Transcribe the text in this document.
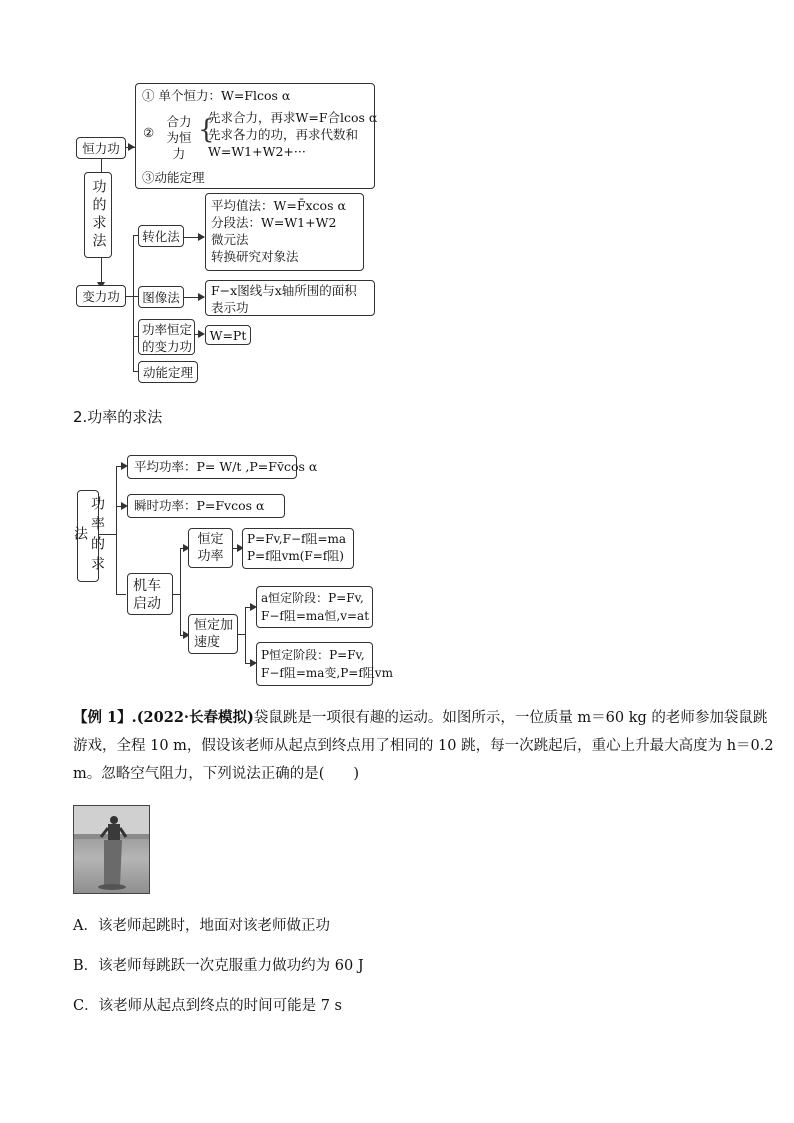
恒力功
功的求法
变力功
① 单个恒力：W=Flcos α
②
合力为恒力
{
先求合力，再求W=F合lcos α
先求各力的功，再求代数和
W=W1+W2+···
③动能定理
转化法
平均值法：W=F̄xcos α
分段法：W=W1+W2
微元法
转换研究对象法
图像法	F−x图线与x轴所围的面积
表示功
功率恒定
的变力功
W=Pt
动能定理
2.功率的求法
功率的求法
平均功率：P= W/t ,P=Fv̄cos α
瞬时功率：P=Fvcos α
机车启动
恒定
功率
P=Fv,F−f阻=ma
P=f阻vm(F=f阻)
恒定加
速度
a恒定阶段：P=Fv,
F−f阻=ma恒,v=at
P恒定阶段：P=Fv,
F−f阻=ma变,P=f阻vm
【例 1】.(2022·长春模拟)袋鼠跳是一项很有趣的运动。如图所示，一位质量 m＝60 kg 的老师参加袋鼠跳
游戏，全程 10 m，假设该老师从起点到终点用了相同的 10 跳，每一次跳起后，重心上升最大高度为 h＝0.2
m。忽略空气阻力，下列说法正确的是(　　)
A．该老师起跳时，地面对该老师做正功
B．该老师每跳跃一次克服重力做功约为 60 J
C．该老师从起点到终点的时间可能是 7 s
